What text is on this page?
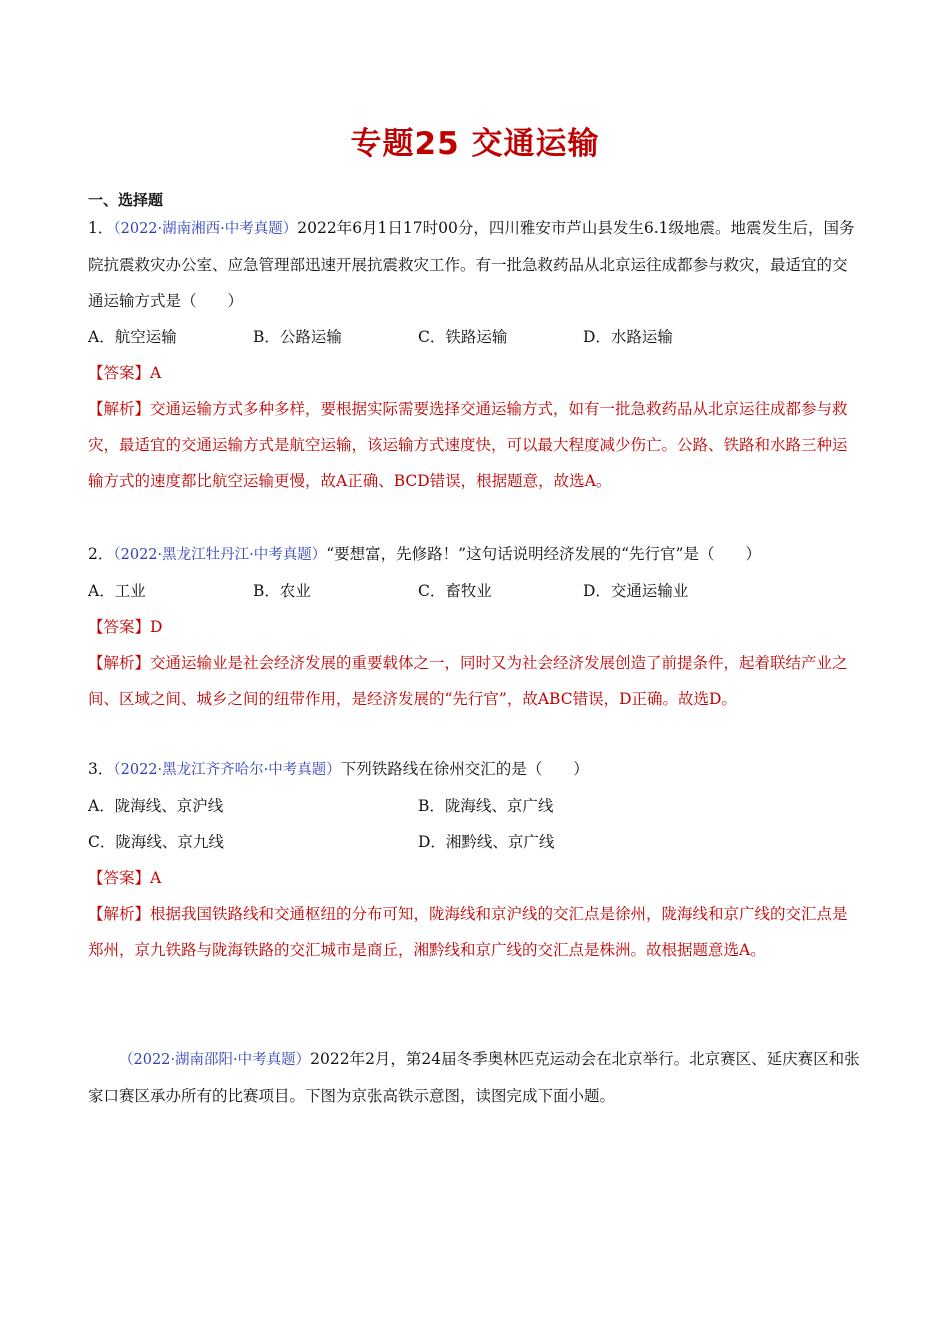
专题25 交通运输
一、选择题
1．（2022·湖南湘西·中考真题）2022年6月1日17时00分，四川雅安市芦山县发生6.1级地震。地震发生后，国务院抗震救灾办公室、应急管理部迅速开展抗震救灾工作。有一批急救药品从北京运往成都参与救灾，最适宜的交通运输方式是（　　）
A．航空运输	B．公路运输	C．铁路运输	D．水路运输
【答案】A
【解析】交通运输方式多种多样，要根据实际需要选择交通运输方式，如有一批急救药品从北京运往成都参与救灾，最适宜的交通运输方式是航空运输，该运输方式速度快，可以最大程度减少伤亡。公路、铁路和水路三种运输方式的速度都比航空运输更慢，故A正确、BCD错误，根据题意，故选A。
2．（2022·黑龙江牡丹江·中考真题）“要想富，先修路！”这句话说明经济发展的“先行官”是（　　）
A．工业	B．农业	C．畜牧业	D．交通运输业
【答案】D
【解析】交通运输业是社会经济发展的重要载体之一，同时又为社会经济发展创造了前提条件，起着联结产业之间、区域之间、城乡之间的纽带作用，是经济发展的“先行官”，故ABC错误，D正确。故选D。
3．（2022·黑龙江齐齐哈尔·中考真题）下列铁路线在徐州交汇的是（　　）
A．陇海线、京沪线	B．陇海线、京广线
C．陇海线、京九线	D．湘黔线、京广线
【答案】A
【解析】根据我国铁路线和交通枢纽的分布可知，陇海线和京沪线的交汇点是徐州，陇海线和京广线的交汇点是郑州，京九铁路与陇海铁路的交汇城市是商丘，湘黔线和京广线的交汇点是株洲。故根据题意选A。
（2022·湖南邵阳·中考真题）2022年2月，第24届冬季奥林匹克运动会在北京举行。北京赛区、延庆赛区和张家口赛区承办所有的比赛项目。下图为京张高铁示意图，读图完成下面小题。
